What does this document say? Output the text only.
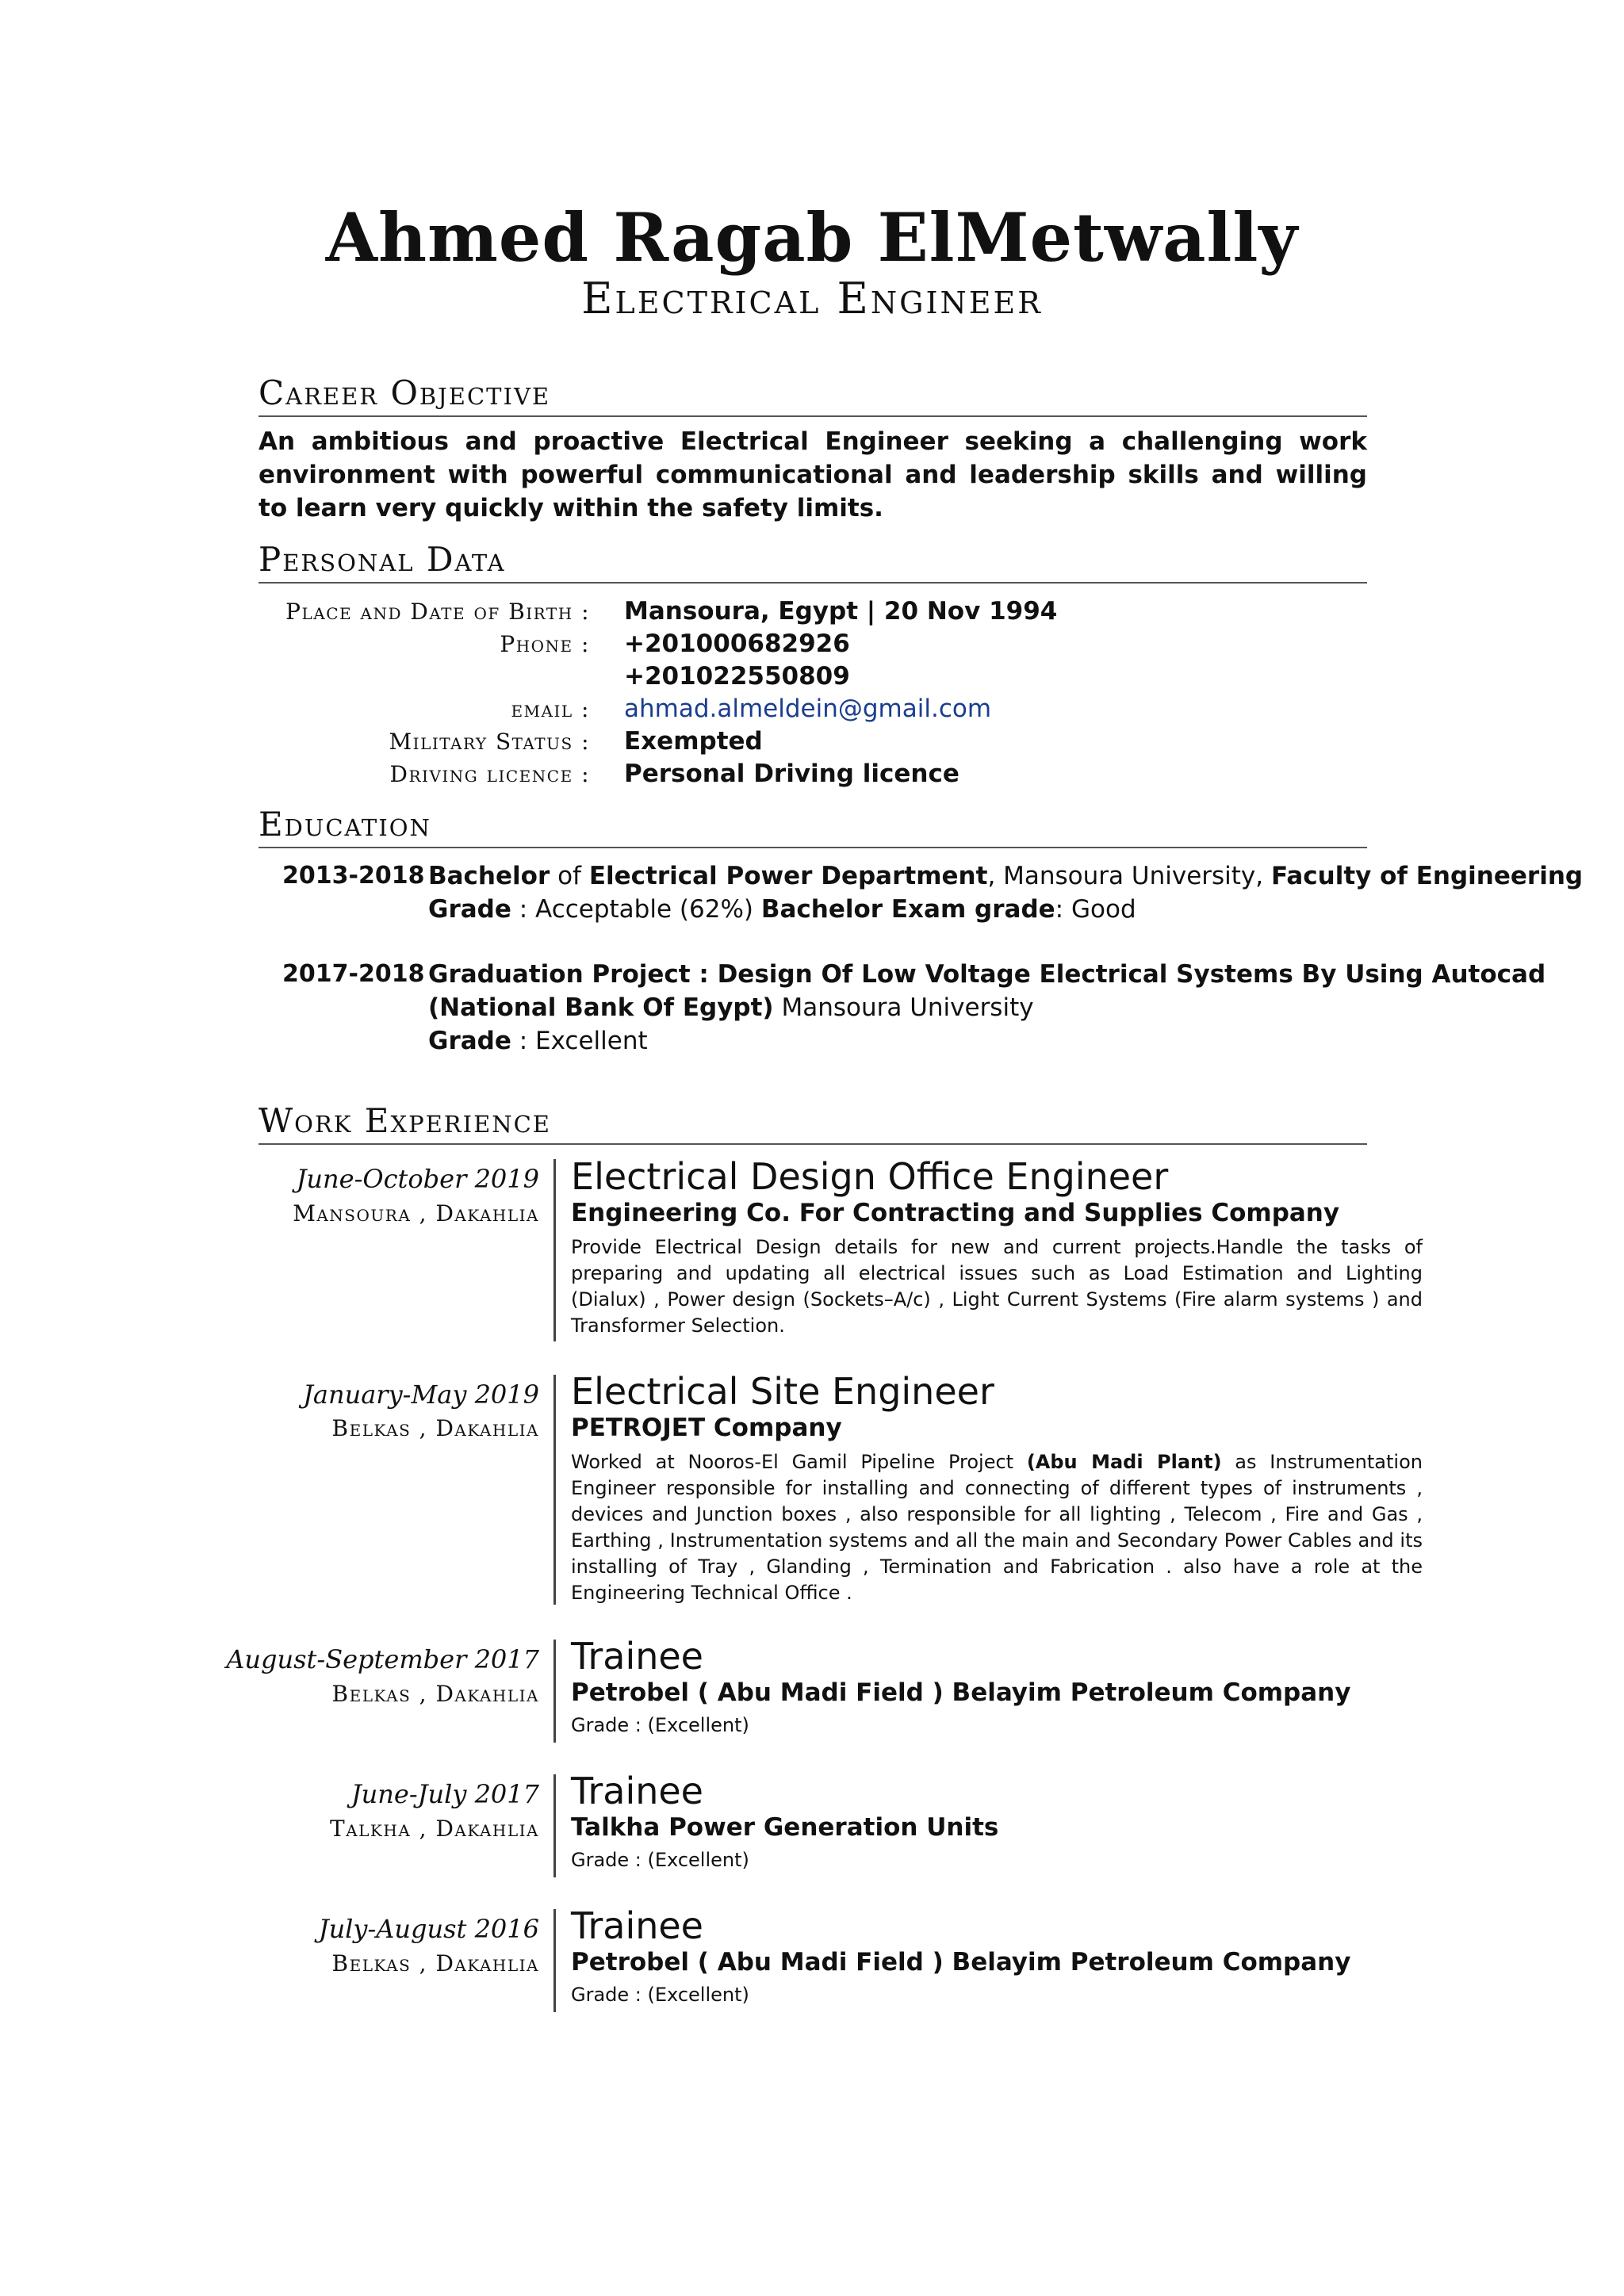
Ahmed Ragab ElMetwally
Electrical Engineer
Career Objective
An ambitious and proactive Electrical Engineer seeking a challenging work environment with powerful communicational and leadership skills and willing to learn very quickly within the safety limits.
Personal Data
Place and Date of Birth : Mansoura, Egypt | 20 Nov 1994
Phone : +201000682926
+201022550809
email : ahmad.almeldein@gmail.com
Military Status : Exempted
Driving licence : Personal Driving licence
Education
2013-2018 Bachelor of Electrical Power Department, Mansoura University, Faculty of Engineering
Grade : Acceptable (62%) Bachelor Exam grade: Good
2017-2018 Graduation Project : Design Of Low Voltage Electrical Systems By Using Autocad
(National Bank Of Egypt) Mansoura University
Grade : Excellent
Work Experience
June-October 2019
Mansoura , Dakahlia
Electrical Design Office Engineer
Engineering Co. For Contracting and Supplies Company
Provide Electrical Design details for new and current projects.Handle the tasks of preparing and updating all electrical issues such as Load Estimation and Lighting (Dialux) , Power design (Sockets–A/c) , Light Current Systems (Fire alarm systems ) and Transformer Selection.
January-May 2019
Belkas , Dakahlia
Electrical Site Engineer
PETROJET Company
Worked at Nooros-El Gamil Pipeline Project (Abu Madi Plant) as Instrumentation Engineer responsible for installing and connecting of different types of instruments , devices and Junction boxes , also responsible for all lighting , Telecom , Fire and Gas , Earthing , Instrumentation systems and all the main and Secondary Power Cables and its installing of Tray , Glanding , Termination and Fabrication . also have a role at the Engineering Technical Office .
August-September 2017
Belkas , Dakahlia
Trainee
Petrobel ( Abu Madi Field ) Belayim Petroleum Company
Grade : (Excellent)
June-July 2017
Talkha , Dakahlia
Trainee
Talkha Power Generation Units
Grade : (Excellent)
July-August 2016
Belkas , Dakahlia
Trainee
Petrobel ( Abu Madi Field ) Belayim Petroleum Company
Grade : (Excellent)
